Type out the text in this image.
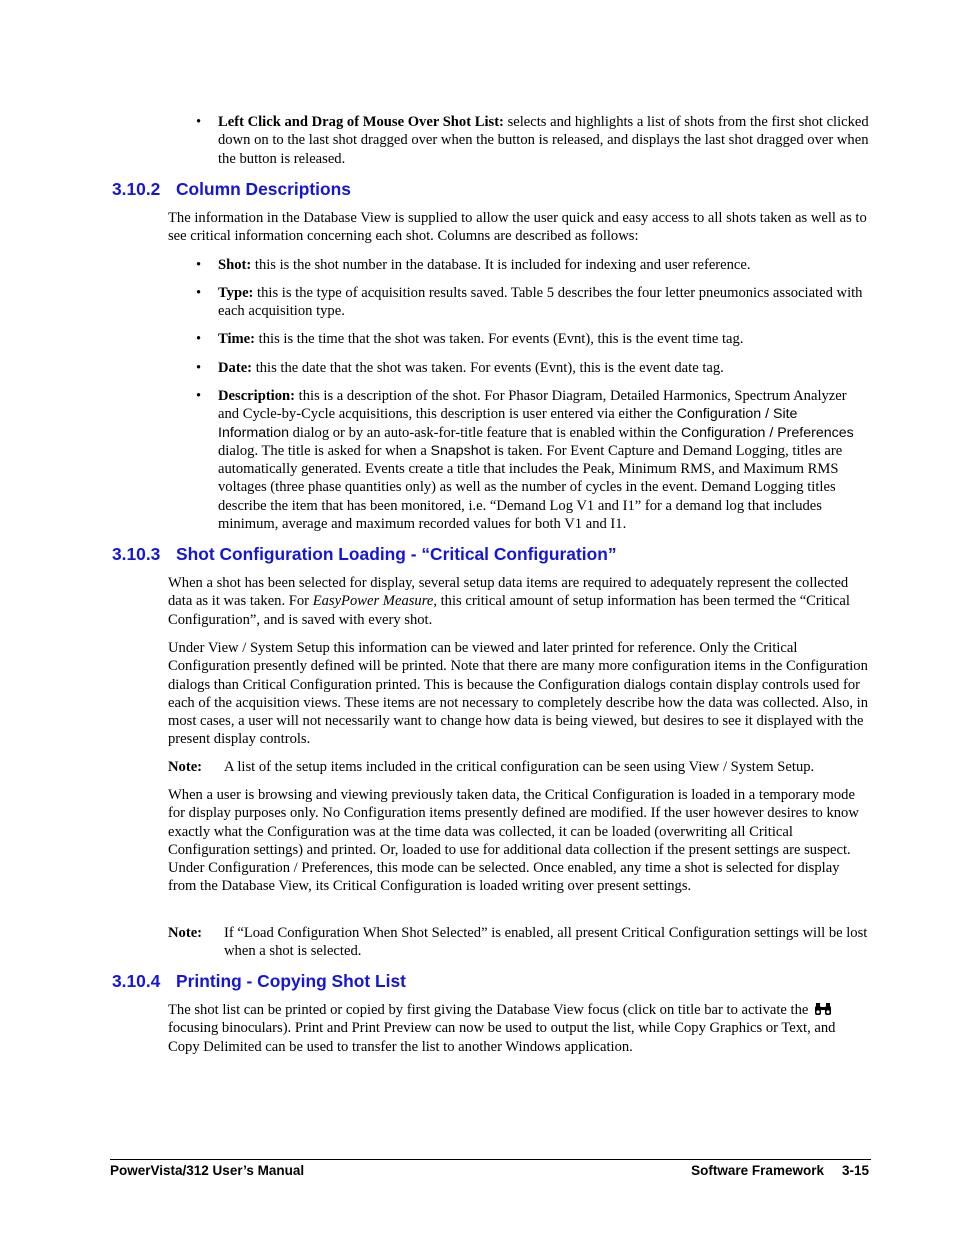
• Left Click and Drag of Mouse Over Shot List: selects and highlights a list of shots from the first shot clicked down on to the last shot dragged over when the button is released, and displays the last shot dragged over when the button is released.

3.10.2 Column Descriptions

The information in the Database View is supplied to allow the user quick and easy access to all shots taken as well as to see critical information concerning each shot. Columns are described as follows:

• Shot: this is the shot number in the database. It is included for indexing and user reference.

• Type: this is the type of acquisition results saved. Table 5 describes the four letter pneumonics associated with each acquisition type.

• Time: this is the time that the shot was taken. For events (Evnt), this is the event time tag.

• Date: this the date that the shot was taken. For events (Evnt), this is the event date tag.

• Description: this is a description of the shot. For Phasor Diagram, Detailed Harmonics, Spectrum Analyzer and Cycle-by-Cycle acquisitions, this description is user entered via either the Configuration / Site Information dialog or by an auto-ask-for-title feature that is enabled within the Configuration / Preferences dialog. The title is asked for when a Snapshot is taken. For Event Capture and Demand Logging, titles are automatically generated. Events create a title that includes the Peak, Minimum RMS, and Maximum RMS voltages (three phase quantities only) as well as the number of cycles in the event. Demand Logging titles describe the item that has been monitored, i.e. “Demand Log V1 and I1” for a demand log that includes minimum, average and maximum recorded values for both V1 and I1.

3.10.3 Shot Configuration Loading - “Critical Configuration”

When a shot has been selected for display, several setup data items are required to adequately represent the collected data as it was taken. For EasyPower Measure, this critical amount of setup information has been termed the “Critical Configuration”, and is saved with every shot.

Under View / System Setup this information can be viewed and later printed for reference. Only the Critical Configuration presently defined will be printed. Note that there are many more configuration items in the Configuration dialogs than Critical Configuration printed. This is because the Configuration dialogs contain display controls used for each of the acquisition views. These items are not necessary to completely describe how the data was collected. Also, in most cases, a user will not necessarily want to change how data is being viewed, but desires to see it displayed with the present display controls.

Note: A list of the setup items included in the critical configuration can be seen using View / System Setup.

When a user is browsing and viewing previously taken data, the Critical Configuration is loaded in a temporary mode for display purposes only. No Configuration items presently defined are modified. If the user however desires to know exactly what the Configuration was at the time data was collected, it can be loaded (overwriting all Critical Configuration settings) and printed. Or, loaded to use for additional data collection if the present settings are suspect. Under Configuration / Preferences, this mode can be selected. Once enabled, any time a shot is selected for display from the Database View, its Critical Configuration is loaded writing over present settings.

Note: If “Load Configuration When Shot Selected” is enabled, all present Critical Configuration settings will be lost when a shot is selected.
3.10.4 Printing - Copying Shot List

The shot list can be printed or copied by first giving the Database View focus (click on title bar to activate the  focusing binoculars). Print and Print Preview can now be used to output the list, while Copy Graphics or Text, and Copy Delimited can be used to transfer the list to another Windows application.

PowerVista/312 User’s Manual	Software Framework 3-15
